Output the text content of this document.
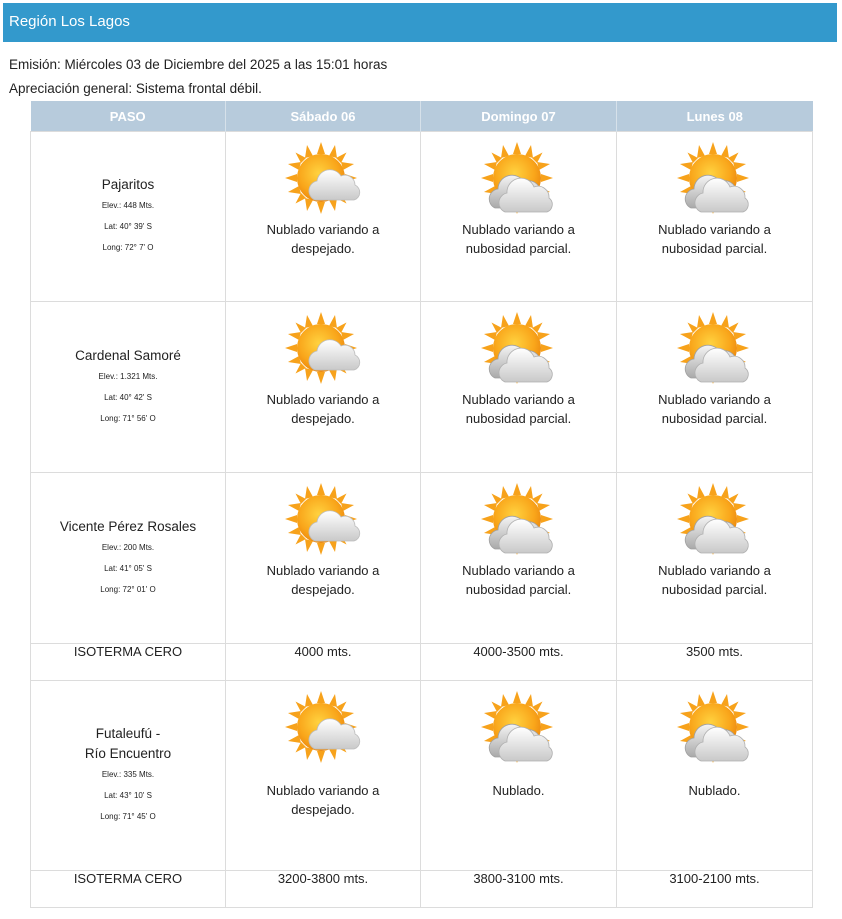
Región Los Lagos
Emisión: Miércoles 03 de Diciembre del 2025 a las 15:01 horas
Apreciación general: Sistema frontal débil.
PASO	Sábado 06	Domingo 07	Lunes 08

Pajaritos
Elev.: 448 Mts.
Lat: 40° 39' S
Long: 72° 7' O	Nublado variando a despejado.	Nublado variando a nubosidad parcial.	Nublado variando a nubosidad parcial.

Cardenal Samoré
Elev.: 1.321 Mts.
Lat: 40° 42' S
Long: 71° 56' O	Nublado variando a despejado.	Nublado variando a nubosidad parcial.	Nublado variando a nubosidad parcial.

Vicente Pérez Rosales
Elev.: 200 Mts.
Lat: 41° 05' S
Long: 72° 01' O	Nublado variando a despejado.	Nublado variando a nubosidad parcial.	Nublado variando a nubosidad parcial.

ISOTERMA CERO	4000 mts.	4000-3500 mts.	3500 mts.

Futaleufú -
Río Encuentro
Elev.: 335 Mts.
Lat: 43° 10' S
Long: 71° 45' O	Nublado variando a despejado.	Nublado.	Nublado.

ISOTERMA CERO	3200-3800 mts.	3800-3100 mts.	3100-2100 mts.
